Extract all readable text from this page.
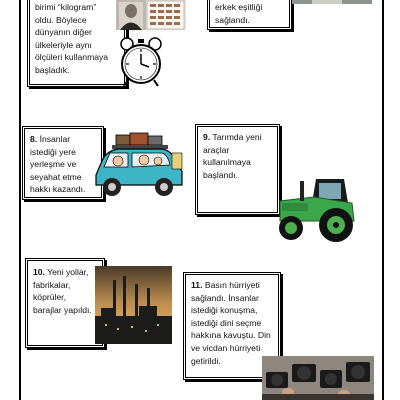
birimi “kilogram”
oldu. Böylece
dünyanın diğer
ülkeleriyle aynı
ölçüleri kullanmaya
başladık.
erkek eşitliği
sağlandı.
8. İnsanlar
istediği yere
yerleşme ve
seyahat etme
hakkı kazandı.
9. Tarımda yeni
araçlar
kullanılmaya
başlandı.
10. Yeni yollar,
fabrikalar,
köprüler,
barajlar yapıldı.
11. Basın hürriyeti
sağlandı. İnsanlar
istediği konuşma,
istediği dini seçme
hakkına kavuştu. Din
ve vicdan hürriyeti
getirildi.
